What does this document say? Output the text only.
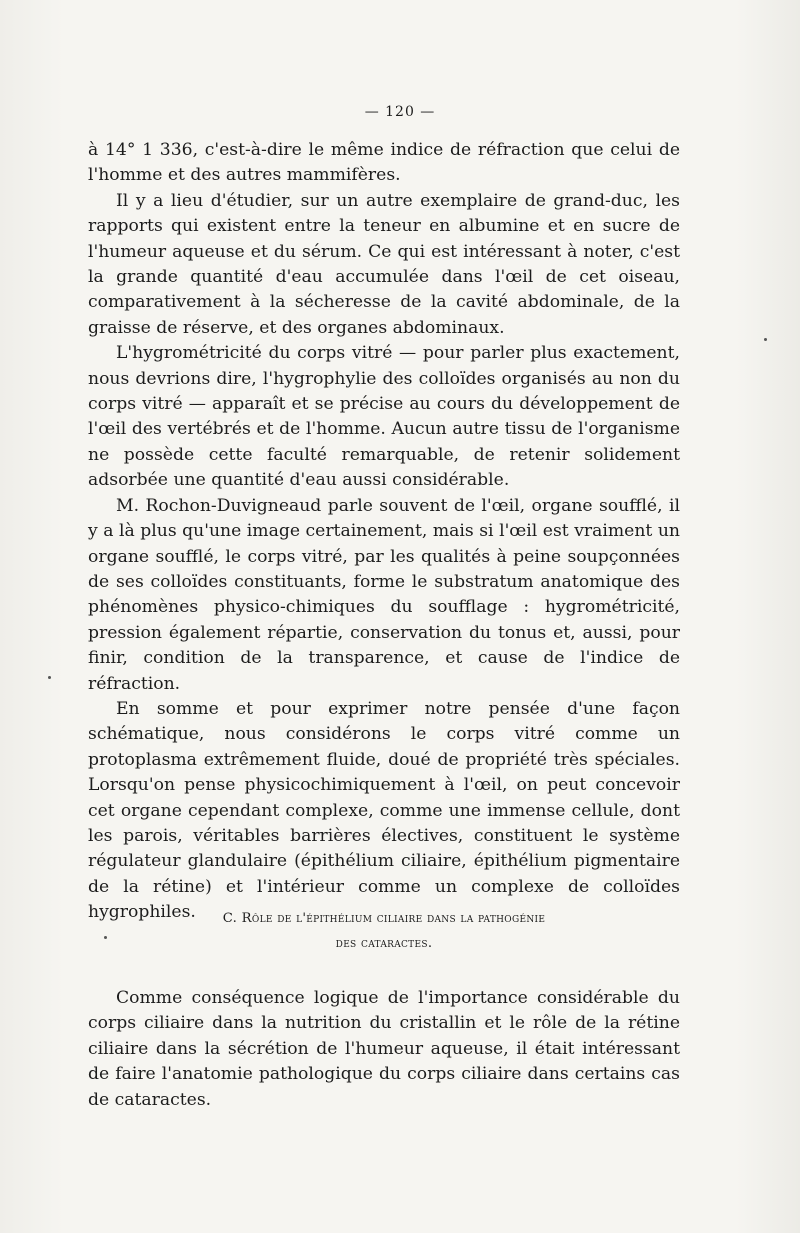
— 120 —

à 14° 1 336, c'est-à-dire le même indice de réfraction que celui de l'homme et des autres mammifères.

Il y a lieu d'étudier, sur un autre exemplaire de grand-duc, les rapports qui existent entre la teneur en albumine et en sucre de l'humeur aqueuse et du sérum. Ce qui est intéressant à noter, c'est la grande quantité d'eau accumulée dans l'œil de cet oiseau, comparativement à la sécheresse de la cavité abdominale, de la graisse de réserve, et des organes abdominaux.

L'hygrométricité du corps vitré — pour parler plus exactement, nous devrions dire, l'hygrophylie des colloïdes organisés au non du corps vitré — apparaît et se précise au cours du développement de l'œil des vertébrés et de l'homme. Aucun autre tissu de l'organisme ne possède cette faculté remarquable, de retenir solidement adsorbée une quantité d'eau aussi considérable.

M. Rochon-Duvigneaud parle souvent de l'œil, organe soufflé, il y a là plus qu'une image certainement, mais si l'œil est vraiment un organe soufflé, le corps vitré, par les qualités à peine soupçonnées de ses colloïdes constituants, forme le substratum anatomique des phénomènes physico-chimiques du soufflage : hygrométricité, pression également répartie, conservation du tonus et, aussi, pour finir, condition de la transparence, et cause de l'indice de réfraction.

En somme et pour exprimer notre pensée d'une façon schématique, nous considérons le corps vitré comme un protoplasma extrêmement fluide, doué de propriété très spéciales. Lorsqu'on pense physicochimiquement à l'œil, on peut concevoir cet organe cependant complexe, comme une immense cellule, dont les parois, véritables barrières électives, constituent le système régulateur glandulaire (épithélium ciliaire, épithélium pigmentaire de la rétine) et l'intérieur comme un complexe de colloïdes hygrophiles.	C. Rôle de l'épithélium ciliaire dans la pathogénie
des cataractes.

Comme conséquence logique de l'importance considérable du corps ciliaire dans la nutrition du cristallin et le rôle de la rétine ciliaire dans la sécrétion de l'humeur aqueuse, il était intéressant de faire l'anatomie pathologique du corps ciliaire dans certains cas de cataractes.
